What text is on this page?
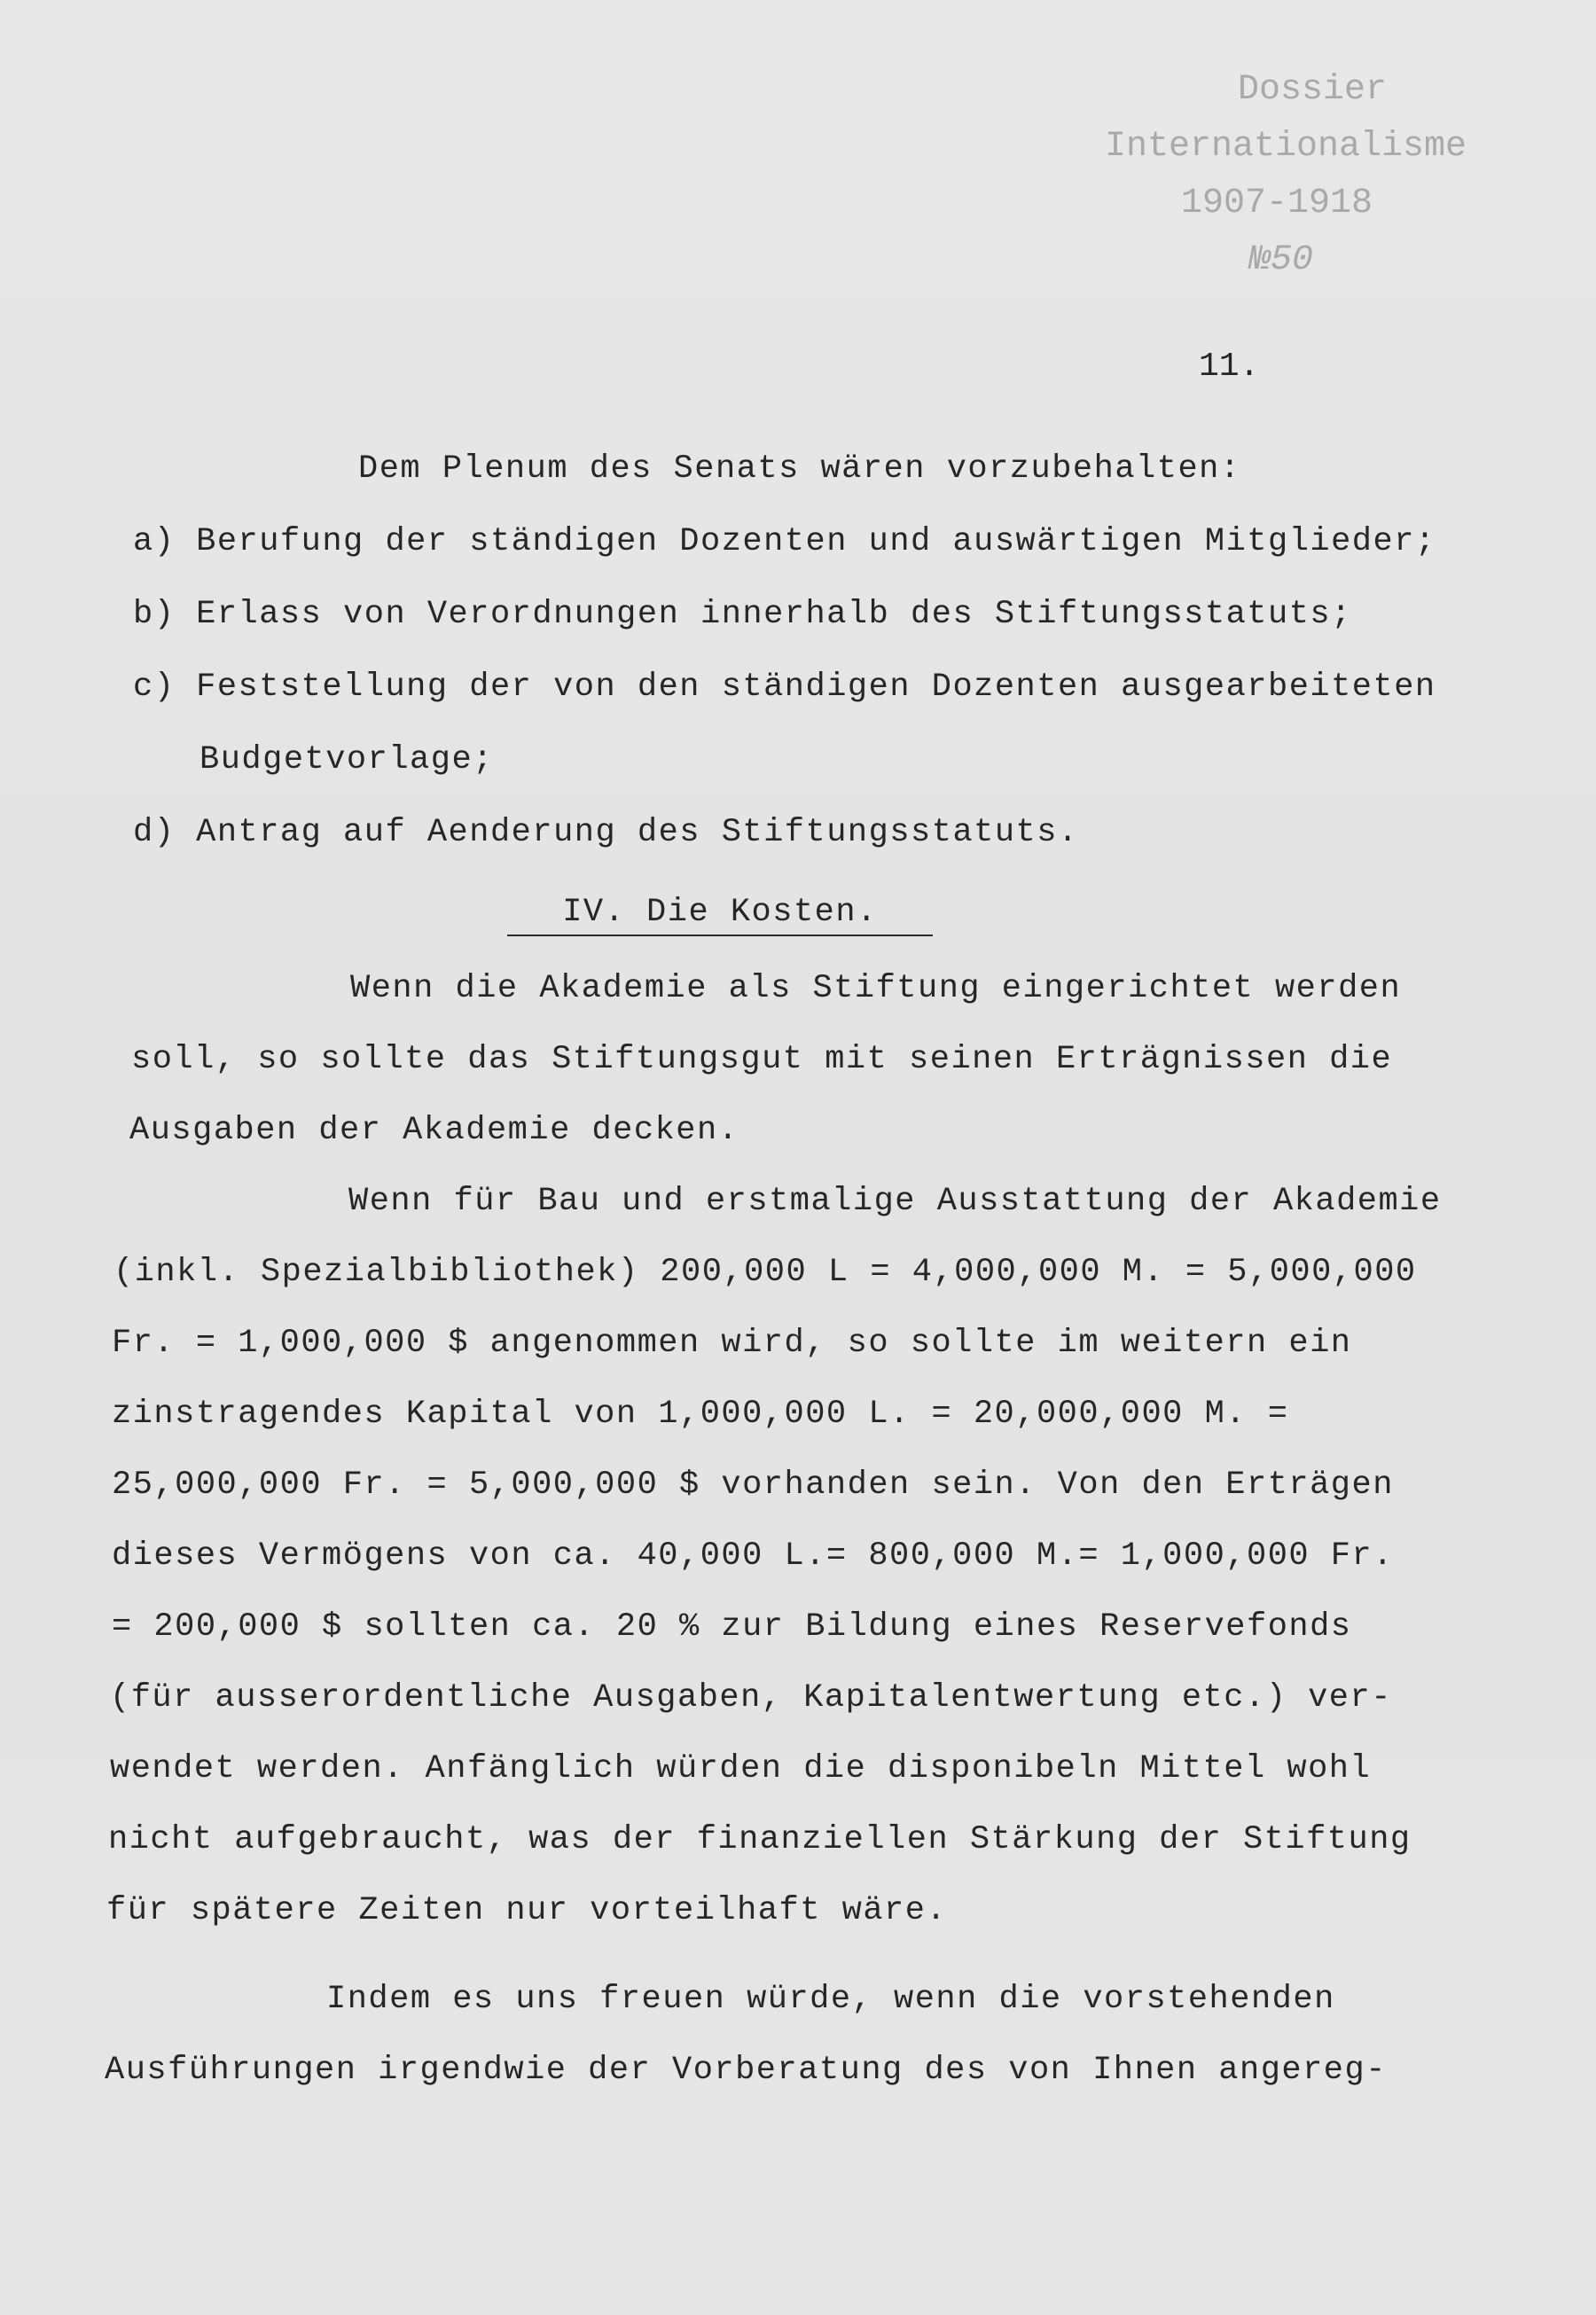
Dossier
Internationalisme
1907-1918
№50
11.
Dem Plenum des Senats wären vorzubehalten:
a) Berufung der ständigen Dozenten und auswärtigen Mitglieder;
b) Erlass von Verordnungen innerhalb des Stiftungsstatuts;
c) Feststellung der von den ständigen Dozenten ausgearbeiteten
Budgetvorlage;
d) Antrag auf Aenderung des Stiftungsstatuts.
IV. Die Kosten.
Wenn die Akademie als Stiftung eingerichtet werden
soll, so sollte das Stiftungsgut mit seinen Erträgnissen die
Ausgaben der Akademie decken.
Wenn für Bau und erstmalige Ausstattung der Akademie
(inkl. Spezialbibliothek) 200,000 L = 4,000,000 M. = 5,000,000
Fr. = 1,000,000 $ angenommen wird, so sollte im weitern ein
zinstragendes Kapital von 1,000,000 L. = 20,000,000 M. =
25,000,000 Fr. = 5,000,000 $ vorhanden sein. Von den Erträgen
dieses Vermögens von ca. 40,000 L.= 800,000 M.= 1,000,000 Fr.
= 200,000 $ sollten ca. 20 % zur Bildung eines Reservefonds
(für ausserordentliche Ausgaben, Kapitalentwertung etc.) ver-
wendet werden. Anfänglich würden die disponibeln Mittel wohl
nicht aufgebraucht, was der finanziellen Stärkung der Stiftung
für spätere Zeiten nur vorteilhaft wäre.
Indem es uns freuen würde, wenn die vorstehenden
Ausführungen irgendwie der Vorberatung des von Ihnen angereg-
